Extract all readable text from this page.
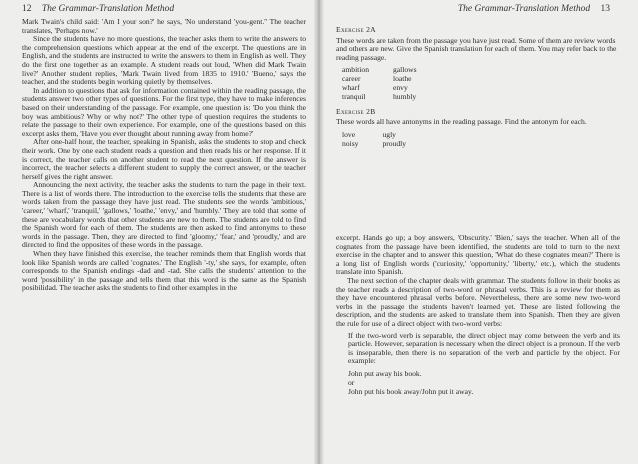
12 The Grammar-Translation Method

Mark Twain's child said: 'Am I your son?' he says, 'No understand 'you-gent.'' The teacher translates, 'Perhaps now.'

Since the students have no more questions, the teacher asks them to write the answers to the comprehension questions which appear at the end of the excerpt. The questions are in English, and the students are instructed to write the answers to them in English as well. They do the first one together as an example. A student reads out loud, 'When did Mark Twain live?' Another student replies, 'Mark Twain lived from 1835 to 1910.' 'Bueno,' says the teacher, and the students begin working quietly by themselves.

In addition to questions that ask for information contained within the reading passage, the students answer two other types of questions. For the first type, they have to make inferences based on their understanding of the passage. For example, one question is: 'Do you think the boy was ambitious? Why or why not?' The other type of question requires the students to relate the passage to their own experience. For example, one of the questions based on this excerpt asks them, 'Have you ever thought about running away from home?'

After one-half hour, the teacher, speaking in Spanish, asks the students to stop and check their work. One by one each student reads a question and then reads his or her response. If it is correct, the teacher calls on another student to read the next question. If the answer is incorrect, the teacher selects a different student to supply the correct answer, or the teacher herself gives the right answer.

Announcing the next activity, the teacher asks the students to turn the page in their text. There is a list of words there. The introduction to the exercise tells the students that these are words taken from the passage they have just read. The students see the words 'ambitious,' 'career,' 'wharf,' 'tranquil,' 'gallows,' 'loathe,' 'envy,' and 'humbly.' They are told that some of these are vocabulary words that other students are new to them. The students are told to find the Spanish word for each of them. The students are then asked to find antonyms to these words in the passage. Then, they are directed to find 'gloomy,' 'fear,' and 'proudly,' and are directed to find the opposites of these words in the passage.

When they have finished this exercise, the teacher reminds them that English words that look like Spanish words are called 'cognates.' The English '-ty,' she says, for example, often corresponds to the Spanish endings -dad and -tad. She calls the students' attention to the word 'possibility' in the passage and tells them that this word is the same as the Spanish posibilidad. The teacher asks the students to find other examples in the

The Grammar-Translation Method 13
Exercise 2A
These words are taken from the passage you have just read. Some of them are review words and others are new. Give the Spanish translation for each of them. You may refer back to the reading passage.
ambition	gallows
career	loathe
wharf	envy
tranquil	humbly
Exercise 2B
These words all have antonyms in the reading passage. Find the antonym for each.
love	ugly
noisy	proudly

excerpt. Hands go up; a boy answers, 'Obscurity.' 'Bien,' says the teacher. When all of the cognates from the passage have been identified, the students are told to turn to the next exercise in the chapter and to answer this question, 'What do these cognates mean?' There is a long list of English words ('curiosity,' 'opportunity,' 'liberty,' etc.), which the students translate into Spanish.

The next section of the chapter deals with grammar. The students follow in their books as the teacher reads a description of two-word or phrasal verbs. This is a review for them as they have encountered phrasal verbs before. Nevertheless, there are some new two-word verbs in the passage the students haven't learned yet. These are listed following the description, and the students are asked to translate them into Spanish. Then they are given the rule for use of a direct object with two-word verbs:

If the two-word verb is separable, the direct object may come between the verb and its particle. However, separation is necessary when the direct object is a pronoun. If the verb is inseparable, then there is no separation of the verb and particle by the object. For example:

John put away his book.
or
John put his book away/John put it away.
